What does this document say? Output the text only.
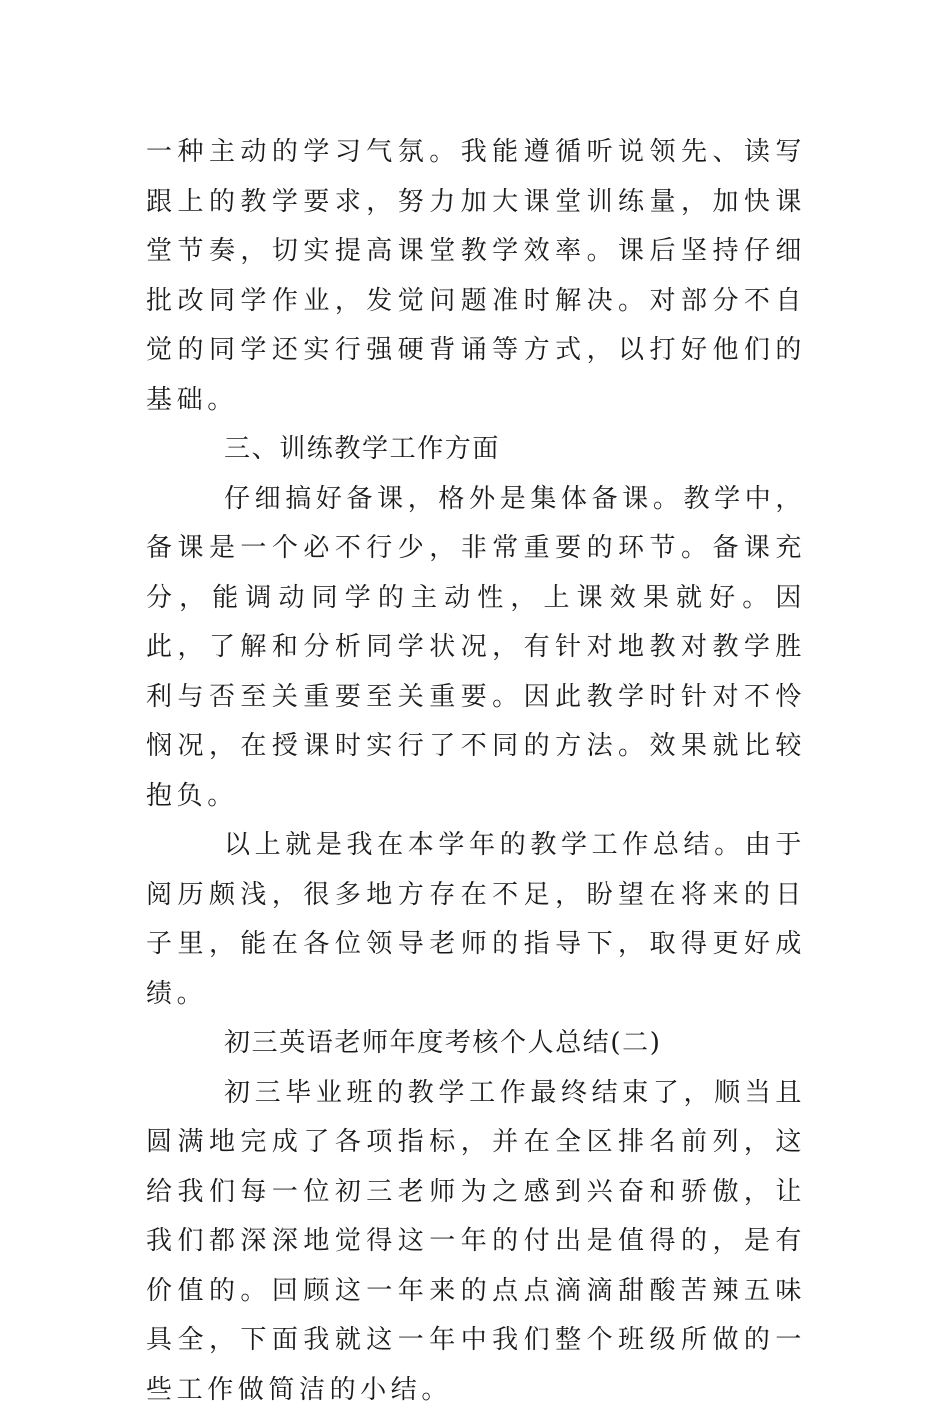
一种主动的学习气氛。我能遵循听说领先、读写跟上的教学要求，努力加大课堂训练量，加快课堂节奏，切实提高课堂教学效率。课后坚持仔细批改同学作业，发觉问题准时解决。对部分不自觉的同学还实行强硬背诵等方式，以打好他们的基础。

三、训练教学工作方面

仔细搞好备课，格外是集体备课。教学中，备课是一个必不行少，非常重要的环节。备课充分，能调动同学的主动性，上课效果就好。因此，了解和分析同学状况，有针对地教对教学胜利与否至关重要至关重要。因此教学时针对不怜悯况，在授课时实行了不同的方法。效果就比较抱负。

以上就是我在本学年的教学工作总结。由于阅历颇浅，很多地方存在不足，盼望在将来的日子里，能在各位领导老师的指导下，取得更好成绩。

初三英语老师年度考核个人总结(二)

初三毕业班的教学工作最终结束了，顺当且圆满地完成了各项指标，并在全区排名前列，这给我们每一位初三老师为之感到兴奋和骄傲，让我们都深深地觉得这一年的付出是值得的，是有价值的。回顾这一年来的点点滴滴甜酸苦辣五味具全，下面我就这一年中我们整个班级所做的一些工作做简洁的小结。
